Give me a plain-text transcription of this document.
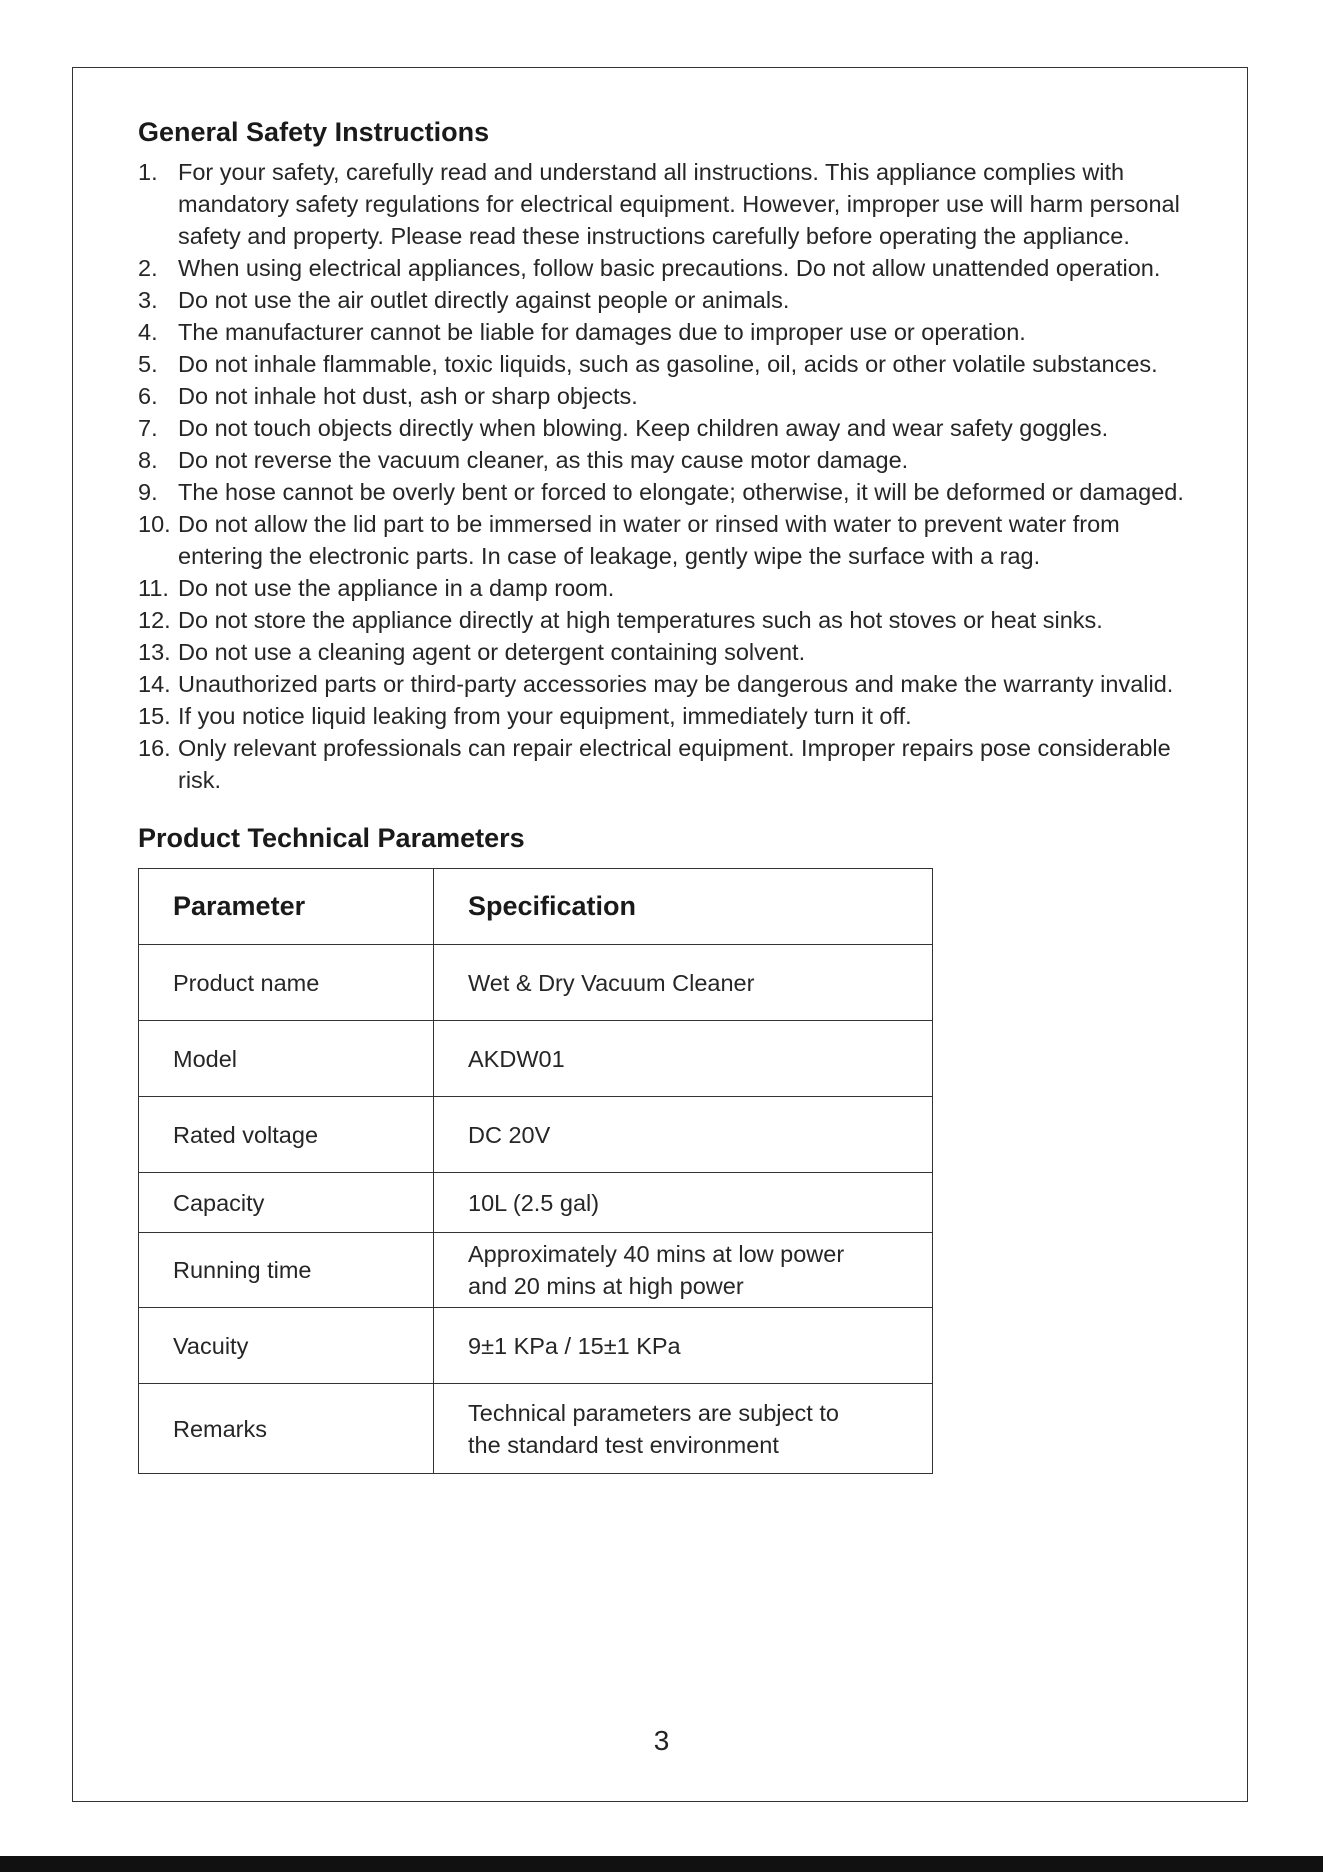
General Safety Instructions
1. For your safety, carefully read and understand all instructions. This appliance complies with mandatory safety regulations for electrical equipment. However, improper use will harm personal safety and property. Please read these instructions carefully before operating the appliance.
2. When using electrical appliances, follow basic precautions. Do not allow unattended operation.
3. Do not use the air outlet directly against people or animals.
4. The manufacturer cannot be liable for damages due to improper use or operation.
5. Do not inhale flammable, toxic liquids, such as gasoline, oil, acids or other volatile substances.
6. Do not inhale hot dust, ash or sharp objects.
7. Do not touch objects directly when blowing. Keep children away and wear safety goggles.
8. Do not reverse the vacuum cleaner, as this may cause motor damage.
9. The hose cannot be overly bent or forced to elongate; otherwise, it will be deformed or damaged.
10. Do not allow the lid part to be immersed in water or rinsed with water to prevent water from entering the electronic parts. In case of leakage, gently wipe the surface with a rag.
11. Do not use the appliance in a damp room.
12. Do not store the appliance directly at high temperatures such as hot stoves or heat sinks.
13. Do not use a cleaning agent or detergent containing solvent.
14. Unauthorized parts or third-party accessories may be dangerous and make the warranty invalid.
15. If you notice liquid leaking from your equipment, immediately turn it off.
16. Only relevant professionals can repair electrical equipment. Improper repairs pose considerable risk.
Product Technical Parameters
Parameter	Specification
Product name	Wet & Dry Vacuum Cleaner
Model	AKDW01
Rated voltage	DC 20V
Capacity	10L (2.5 gal)
Running time	Approximately 40 mins at low power and 20 mins at high power
Vacuity	9±1 KPa / 15±1 KPa
Remarks	Technical parameters are subject to the standard test environment
3
